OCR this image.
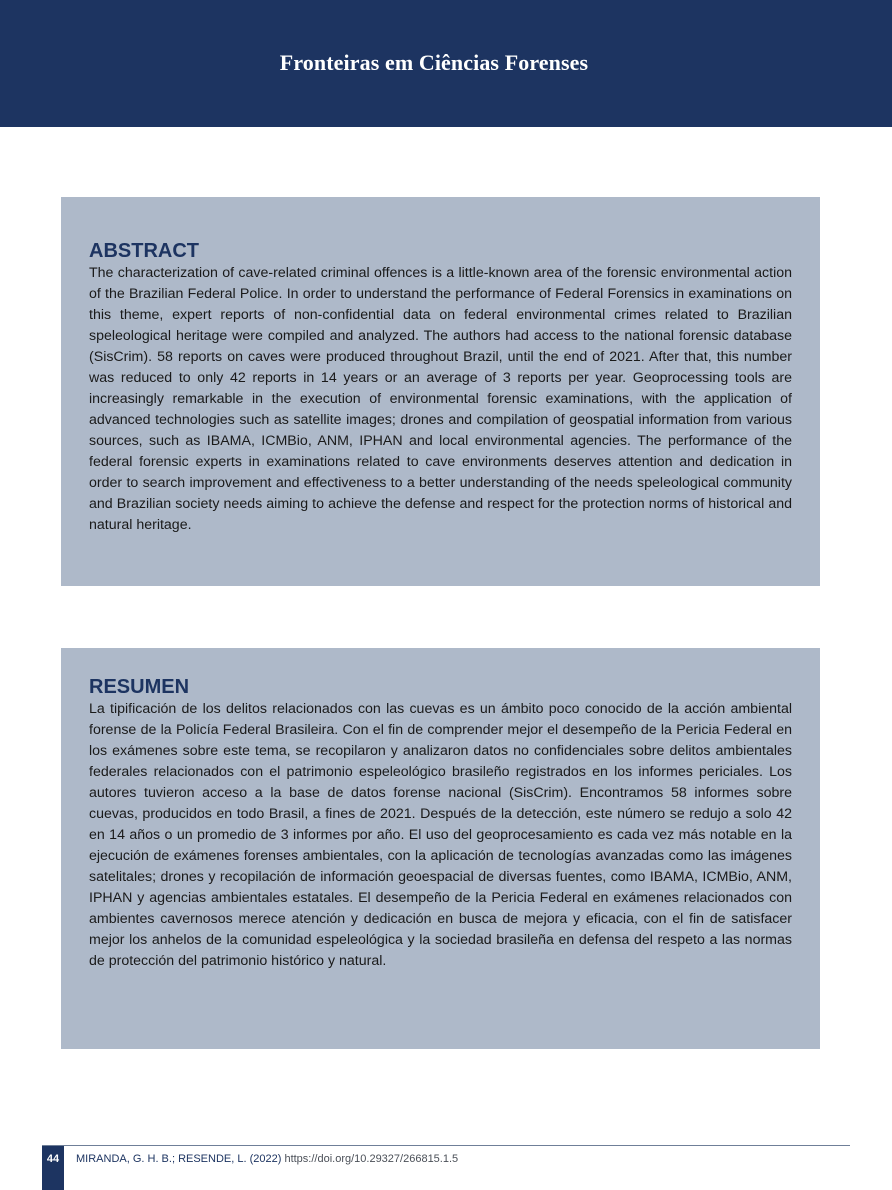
Fronteiras em Ciências Forenses
ABSTRACT

The characterization of cave-related criminal offences is a little-known area of the forensic environmental action of the Brazilian Federal Police. In order to understand the performance of Federal Forensics in examinations on this theme, expert reports of non-confidential data on federal environmental crimes related to Brazilian speleological heritage were compiled and analyzed. The authors had access to the national forensic database (SisCrim). 58 reports on caves were produced throughout Brazil, until the end of 2021. After that, this number was reduced to only 42 reports in 14 years or an average of 3 reports per year. Geoprocessing tools are increasingly remarkable in the execution of environmental forensic examinations, with the application of advanced technologies such as satellite images; drones and compilation of geospatial information from various sources, such as IBAMA, ICMBio, ANM, IPHAN and local environmental agencies. The performance of the federal forensic experts in examinations related to cave environments deserves attention and dedication in order to search improvement and effectiveness to a better understanding of the needs speleological community and Brazilian society needs aiming to achieve the defense and respect for the protection norms of historical and natural heritage.

RESUMEN

La tipificación de los delitos relacionados con las cuevas es un ámbito poco conocido de la acción ambiental forense de la Policía Federal Brasileira. Con el fin de comprender mejor el desempeño de la Pericia Federal en los exámenes sobre este tema, se recopilaron y analizaron datos no confidenciales sobre delitos ambientales federales relacionados con el patrimonio espeleológico brasileño registrados en los informes periciales. Los autores tuvieron acceso a la base de datos forense nacional (SisCrim). Encontramos 58 informes sobre cuevas, producidos en todo Brasil, a fines de 2021. Después de la detección, este número se redujo a solo 42 en 14 años o un promedio de 3 informes por año. El uso del geoprocesamiento es cada vez más notable en la ejecución de exámenes forenses ambientales, con la aplicación de tecnologías avanzadas como las imágenes satelitales; drones y recopilación de información geoespacial de diversas fuentes, como IBAMA, ICMBio, ANM, IPHAN y agencias ambientales estatales. El desempeño de la Pericia Federal en exámenes relacionados con ambientes cavernosos merece atención y dedicación en busca de mejora y eficacia, con el fin de satisfacer mejor los anhelos de la comunidad espeleológica y la sociedad brasileña en defensa del respeto a las normas de protección del patrimonio histórico y natural.

44	MIRANDA, G. H. B.; RESENDE, L. (2022) https://doi.org/10.29327/266815.1.5
